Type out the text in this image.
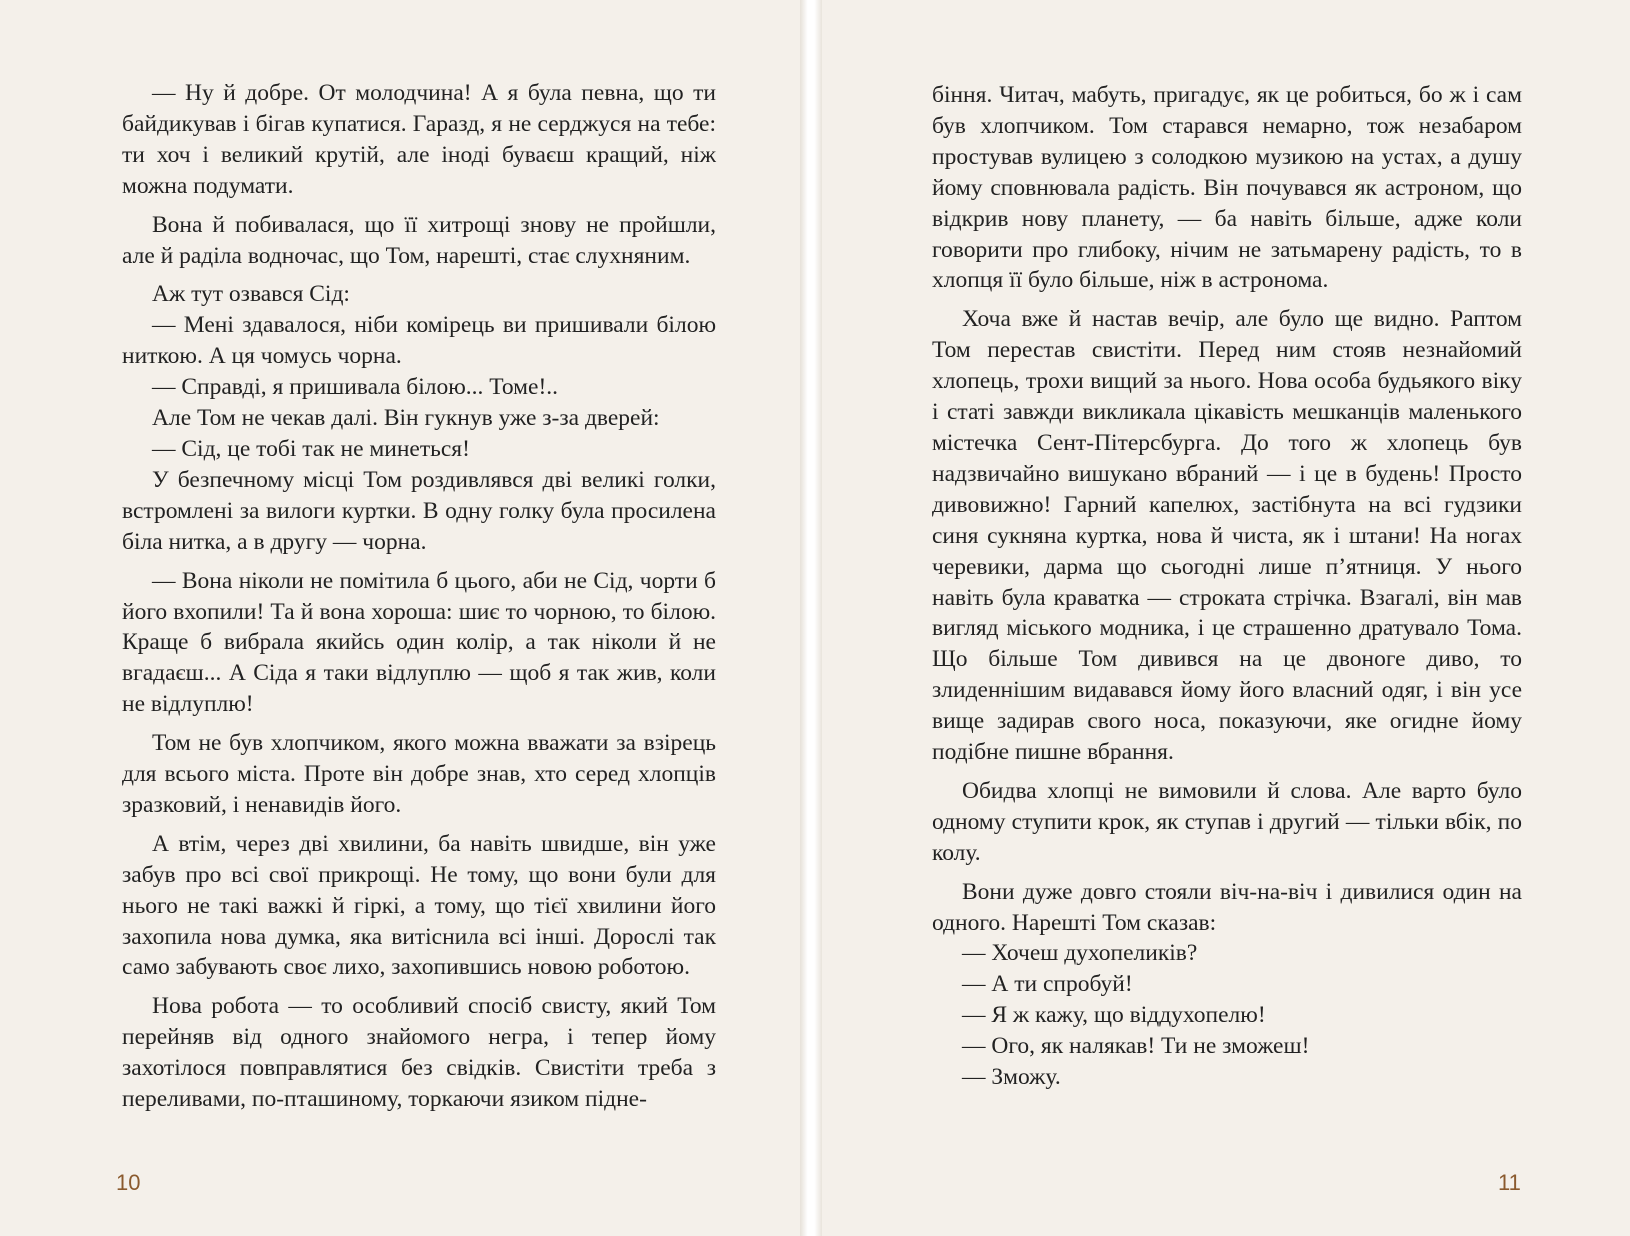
— Ну й добре. От молодчина! А я була певна, що ти байдикував і бігав купатися. Гаразд, я не серджуся на тебе: ти хоч і великий крутій, але іноді буваєш кращий, ніж можна подумати.

Вона й побивалася, що її хитрощі знову не пройшли, але й раділа водночас, що Том, нарешті, стає слухняним.

Аж тут озвався Сід:

— Мені здавалося, ніби комірець ви пришивали білою ниткою. А ця чомусь чорна.

— Справді, я пришивала білою... Томе!..

Але Том не чекав далі. Він гукнув уже з-за дверей:

— Сід, це тобі так не минеться!

У безпечному місці Том роздивлявся дві великі голки, встромлені за вилоги куртки. В одну голку була просилена біла нитка, а в другу — чорна.

— Вона ніколи не помітила б цього, аби не Сід, чорти б його вхопили! Та й вона хороша: шиє то чорною, то білою. Краще б вибрала якийсь один колір, а так ніколи й не вгадаєш... А Сіда я таки відлуплю — щоб я так жив, коли не відлуплю!

Том не був хлопчиком, якого можна вважати за взірець для всього міста. Проте він добре знав, хто серед хлопців зразковий, і ненавидів його.

А втім, через дві хвилини, ба навіть швидше, він уже забув про всі свої прикрощі. Не тому, що вони були для нього не такі важкі й гіркі, а тому, що тієї хвилини його захопила нова думка, яка витіснила всі інші. Дорослі так само забувають своє лихо, захопившись новою роботою.

Нова робота — то особливий спосіб свисту, який Том перейняв від одного знайомого негра, і тепер йому захотілося повправлятися без свідків. Свистіти треба з переливами, по-пташиному, торкаючи язиком підне-

10

біння. Читач, мабуть, пригадує, як це робиться, бо ж і сам був хлопчиком. Том старався немарно, тож незабаром простував вулицею з солодкою музикою на устах, а душу йому сповнювала радість. Він почувався як астроном, що відкрив нову планету, — ба навіть більше, адже коли говорити про глибоку, нічим не затьмарену радість, то в хлопця її було більше, ніж в астронома.

Хоча вже й настав вечір, але було ще видно. Раптом Том перестав свистіти. Перед ним стояв незнайомий хлопець, трохи вищий за нього. Нова особа будьякого віку і статі завжди викликала цікавість мешканців маленького містечка Сент-Пітерсбурга. До того ж хлопець був надзвичайно вишукано вбраний — і це в будень! Просто дивовижно! Гарний капелюх, застібнута на всі гудзики синя сукняна куртка, нова й чиста, як і штани! На ногах черевики, дарма що сьогодні лише п’ятниця. У нього навіть була краватка — строката стрічка. Взагалі, він мав вигляд міського модника, і це страшенно дратувало Тома. Що більше Том дивився на це двоноге диво, то злиденнішим видавався йому його власний одяг, і він усе вище задирав свого носа, показуючи, яке огидне йому подібне пишне вбрання.

Обидва хлопці не вимовили й слова. Але варто було одному ступити крок, як ступав і другий — тільки вбік, по колу.

Вони дуже довго стояли віч-на-віч і дивилися один на одного. Нарешті Том сказав:

— Хочеш духопеликів?

— А ти спробуй!

— Я ж кажу, що віддухопелю!

— Ого, як налякав! Ти не зможеш!

— Зможу.

11
